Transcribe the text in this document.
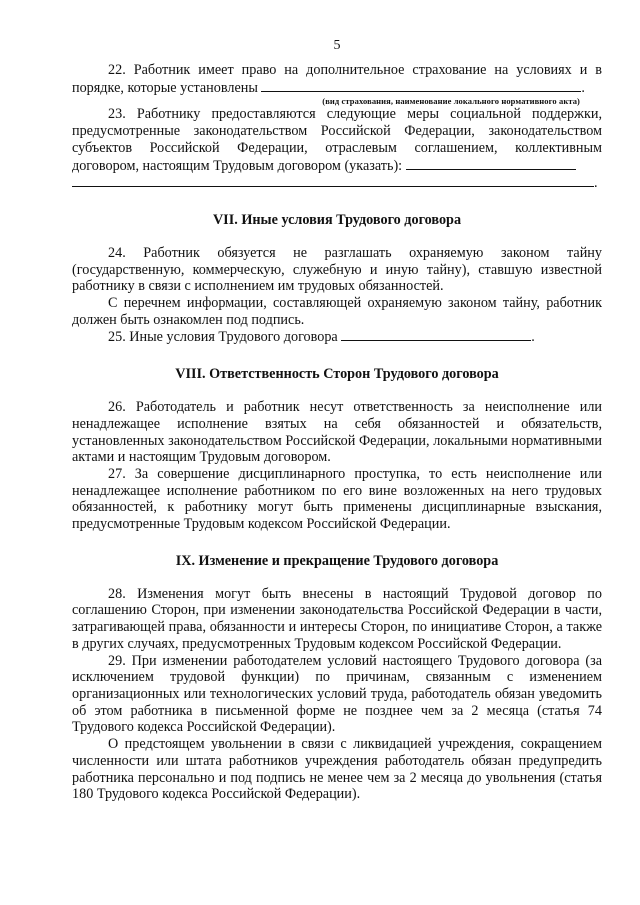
5

22. Работник имеет право на дополнительное страхование на условиях и в порядке, которые установлены	.

(вид страхования, наименование локального нормативного акта)

23. Работнику предоставляются следующие меры социальной поддержки, предусмотренные законодательством Российской Федерации, законодательством субъектов Российской Федерации, отраслевым соглашением, коллективным договором, настоящим Трудовым договором (указать):

.

VII. Иные условия Трудового договора

24. Работник обязуется не разглашать охраняемую законом тайну (государственную, коммерческую, служебную и иную тайну), ставшую известной работнику в связи с исполнением им трудовых обязанностей.

С перечнем информации, составляющей охраняемую законом тайну, работник должен быть ознакомлен под подпись.

25. Иные условия Трудового договора	.

VIII. Ответственность Сторон Трудового договора

26. Работодатель и работник несут ответственность за неисполнение или ненадлежащее исполнение взятых на себя обязанностей и обязательств, установленных законодательством Российской Федерации, локальными нормативными актами и настоящим Трудовым договором.

27. За совершение дисциплинарного проступка, то есть неисполнение или ненадлежащее исполнение работником по его вине возложенных на него трудовых обязанностей, к работнику могут быть применены дисциплинарные взыскания, предусмотренные Трудовым кодексом Российской Федерации.

IX. Изменение и прекращение Трудового договора

28. Изменения могут быть внесены в настоящий Трудовой договор по соглашению Сторон, при изменении законодательства Российской Федерации в части, затрагивающей права, обязанности и интересы Сторон, по инициативе Сторон, а также в других случаях, предусмотренных Трудовым кодексом Российской Федерации.

29. При изменении работодателем условий настоящего Трудового договора (за исключением трудовой функции) по причинам, связанным с изменением организационных или технологических условий труда, работодатель обязан уведомить об этом работника в письменной форме не позднее чем за 2 месяца (статья 74 Трудового кодекса Российской Федерации).

О предстоящем увольнении в связи с ликвидацией учреждения, сокращением численности или штата работников учреждения работодатель обязан предупредить работника персонально и под подпись не менее чем за 2 месяца до увольнения (статья 180 Трудового кодекса Российской Федерации).
